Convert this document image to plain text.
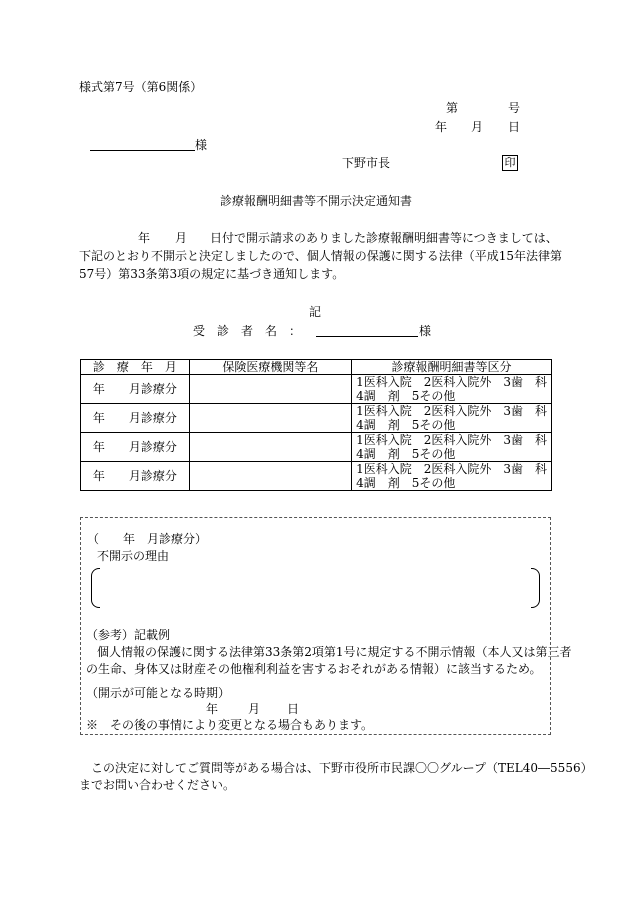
様式第7号（第6関係）
第	号
年 月 日
様
下野市長	印
診療報酬明細書等不開示決定通知書
年 月 日付で開示請求のありました診療報酬明細書等につきましては、
下記のとおり不開示と決定しましたので、個人情報の保護に関する法律（平成15年法律第
57号）第33条第3項の規定に基づき通知します。
記
受　診　者　名　：	様
診　療　年　月	保険医療機関等名	診療報酬明細書等区分
年　　月診療分		1医科入院　2医科入院外　3歯　科
4調　剤　5その他

年　　月診療分		1医科入院　2医科入院外　3歯　科
4調　剤　5その他

年　　月診療分		1医科入院　2医科入院外　3歯　科
4調　剤　5その他

年　　月診療分		1医科入院　2医科入院外　3歯　科
4調　剤　5その他
（　　年　月診療分）
不開示の理由
（参考）記載例
個人情報の保護に関する法律第33条第2項第1号に規定する不開示情報（本人又は第三者
の生命、身体又は財産その他権利利益を害するおそれがある情報）に該当するため。
（開示が可能となる時期）
年 月 日
※　その後の事情により変更となる場合もあります。
この決定に対してご質問等がある場合は、下野市役所市民課〇〇グループ（TEL40―5556）
までお問い合わせください。
